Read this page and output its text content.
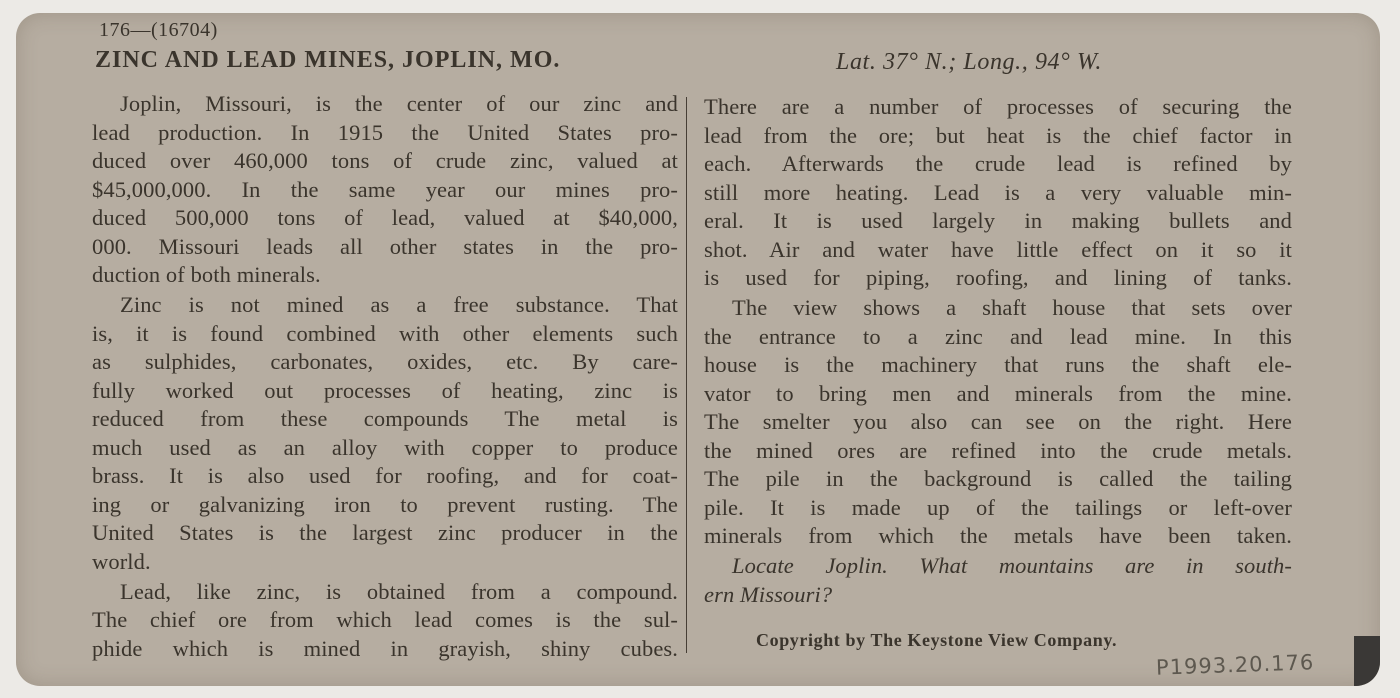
176—(16704)
ZINC AND LEAD MINES, JOPLIN, MO.	Lat. 37° N.; Long., 94° W.
Joplin, Missouri, is the center of our zinc and
lead production. In 1915 the United States pro-
duced over 460,000 tons of crude zinc, valued at
$45,000,000. In the same year our mines pro-
duced 500,000 tons of lead, valued at $40,000,
000. Missouri leads all other states in the pro-
duction of both minerals.
Zinc is not mined as a free substance. That
is, it is found combined with other elements such
as sulphides, carbonates, oxides, etc. By care-
fully worked out processes of heating, zinc is
reduced from these compounds The metal is
much used as an alloy with copper to produce
brass. It is also used for roofing, and for coat-
ing or galvanizing iron to prevent rusting. The
United States is the largest zinc producer in the
world.
Lead, like zinc, is obtained from a compound.
The chief ore from which lead comes is the sul-
phide which is mined in grayish, shiny cubes.
There are a number of processes of securing the
lead from the ore; but heat is the chief factor in
each. Afterwards the crude lead is refined by
still more heating. Lead is a very valuable min-
eral. It is used largely in making bullets and
shot. Air and water have little effect on it so it
is used for piping, roofing, and lining of tanks.
The view shows a shaft house that sets over
the entrance to a zinc and lead mine. In this
house is the machinery that runs the shaft ele-
vator to bring men and minerals from the mine.
The smelter you also can see on the right. Here
the mined ores are refined into the crude metals.
The pile in the background is called the tailing
pile. It is made up of the tailings or left-over
minerals from which the metals have been taken.
Locate Joplin. What mountains are in south-
ern Missouri?
Copyright by The Keystone View Company.
P1993.20.176
